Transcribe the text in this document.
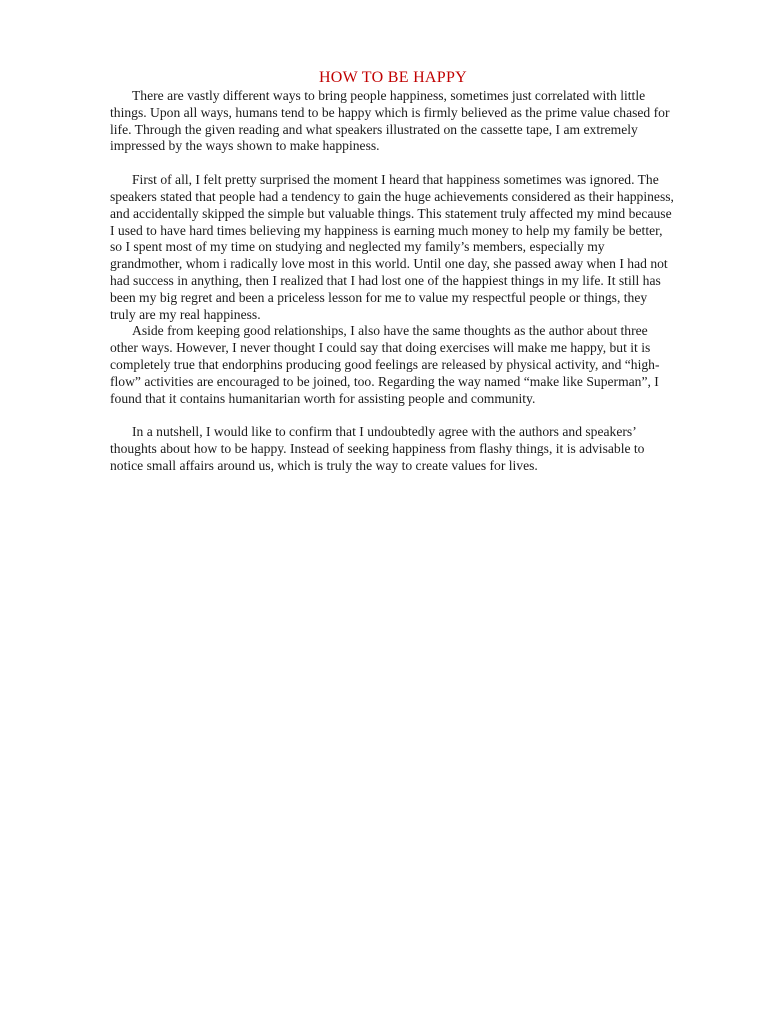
HOW TO BE HAPPY

There are vastly different ways to bring people happiness, sometimes just correlated with little things. Upon all ways, humans tend to be happy which is firmly believed as the prime value chased for life. Through the given reading and what speakers illustrated on the cassette tape, I am extremely impressed by the ways shown to make happiness.

First of all, I felt pretty surprised the moment I heard that happiness sometimes was ignored. The speakers stated that people had a tendency to gain the huge achievements considered as their happiness, and accidentally skipped the simple but valuable things. This statement truly affected my mind because I used to have hard times believing my happiness is earning much money to help my family be better, so I spent most of my time on studying and neglected my family’s members, especially my grandmother, whom i radically love most in this world. Until one day, she passed away when I had not had success in anything, then I realized that I had lost one of the happiest things in my life. It still has been my big regret and been a priceless lesson for me to value my respectful people or things, they truly are my real happiness.

Aside from keeping good relationships, I also have the same thoughts as the author about three other ways. However, I never thought I could say that doing exercises will make me happy, but it is completely true that endorphins producing good feelings are released by physical activity, and “high-flow” activities are encouraged to be joined, too. Regarding the way named “make like Superman”, I found that it contains humanitarian worth for assisting people and community.

In a nutshell, I would like to confirm that I undoubtedly agree with the authors and speakers’ thoughts about how to be happy. Instead of seeking happiness from flashy things, it is advisable to notice small affairs around us, which is truly the way to create values for lives.
